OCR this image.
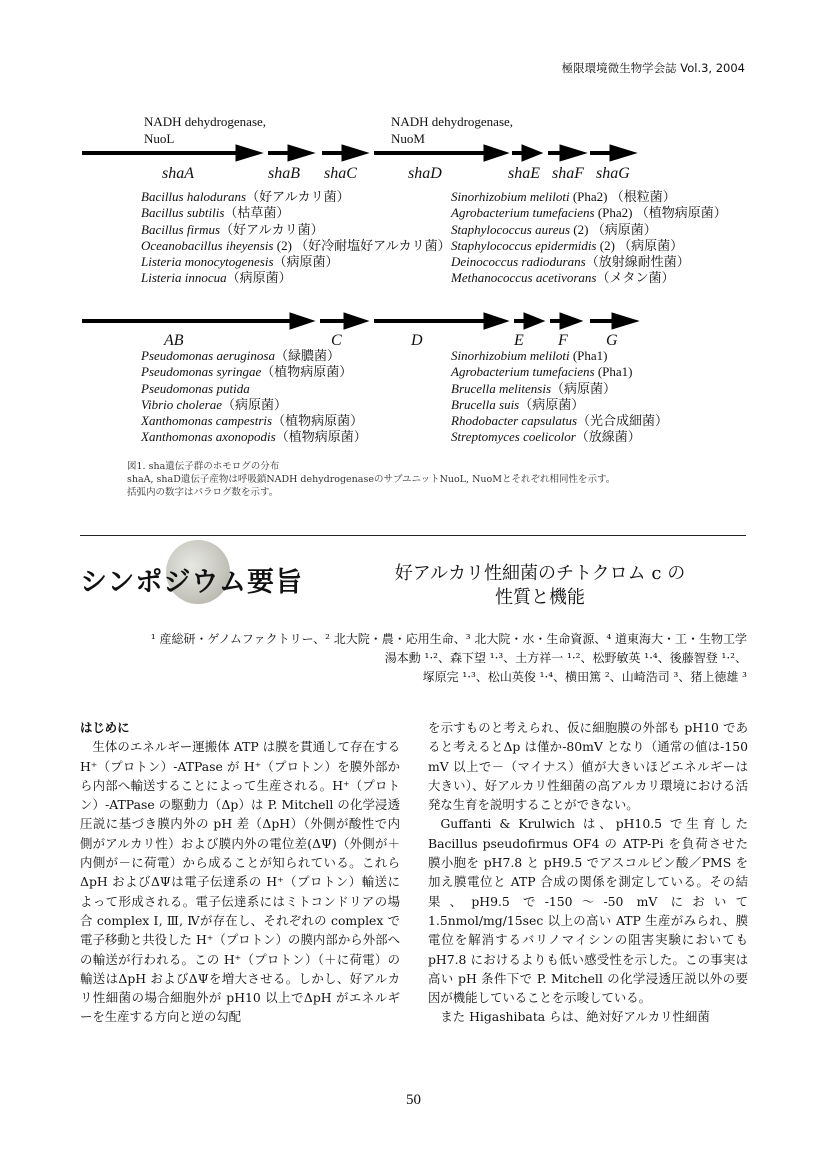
極限環境微生物学会誌 Vol.3, 2004
NADH dehydrogenase,
NuoL
NADH dehydrogenase,
NuoM
shaA	shaB shaC	shaD	shaE shaF shaG
AB	C	D	E F G
Bacillus halodurans（好アルカリ菌）
Bacillus subtilis（枯草菌）
Bacillus firmus（好アルカリ菌）
Oceanobacillus iheyensis (2) （好冷耐塩好アルカリ菌）
Listeria monocytogenesis（病原菌）
Listeria innocua（病原菌）
Sinorhizobium meliloti (Pha2) （根粒菌）
Agrobacterium tumefaciens (Pha2) （植物病原菌）
Staphylococcus aureus (2) （病原菌）
Staphylococcus epidermidis (2) （病原菌）
Deinococcus radiodurans（放射線耐性菌）
Methanococcus acetivorans（メタン菌）
Pseudomonas aeruginosa（緑膿菌）
Pseudomonas syringae（植物病原菌）
Pseudomonas putida
Vibrio cholerae（病原菌）
Xanthomonas campestris（植物病原菌）
Xanthomonas axonopodis（植物病原菌）
Sinorhizobium meliloti (Pha1)
Agrobacterium tumefaciens (Pha1)
Brucella melitensis（病原菌）
Brucella suis（病原菌）
Rhodobacter capsulatus（光合成細菌）
Streptomyces coelicolor（放線菌）
図1. sha遺伝子群のホモログの分布
shaA, shaD遺伝子産物は呼吸鎖NADH dehydrogenaseのサブユニットNuoL, NuoMとそれぞれ相同性を示す。
括弧内の数字はパラログ数を示す。
シンポジウム要旨	好アルカリ性細菌のチトクロム c の
性質と機能
¹ 産総研・ゲノムファクトリー、² 北大院・農・応用生命、³ 北大院・水・生命資源、⁴ 道東海大・工・生物工学
湯本勳 ¹·²、森下望 ¹·³、土方祥一 ¹·²、松野敏英 ¹·⁴、後藤智登 ¹·²、
塚原完 ¹·³、松山英俊 ¹·⁴、横田篤 ²、山崎浩司 ³、猪上徳雄 ³
はじめに

生体のエネルギー運搬体 ATP は膜を貫通して存在する H⁺（プロトン）-ATPase が H⁺（プロトン）を膜外部から内部へ輸送することによって生産される。H⁺（プロトン）-ATPase の駆動力（Δp）は P. Mitchell の化学浸透圧説に基づき膜内外の pH 差（ΔpH）（外側が酸性で内側がアルカリ性）および膜内外の電位差(ΔΨ)（外側が＋内側が－に荷電）から成ることが知られている。これらΔpH およびΔΨは電子伝達系の H⁺（プロトン）輸送によって形成される。電子伝達系にはミトコンドリアの場合 complex Ⅰ, Ⅲ, Ⅳが存在し、それぞれの complex で電子移動と共役した H⁺（プロトン）の膜内部から外部への輸送が行われる。この H⁺（プロトン）（＋に荷電）の輸送はΔpH およびΔΨを増大させる。しかし、好アルカリ性細菌の場合細胞外が pH10 以上でΔpH がエネルギーを生産する方向と逆の勾配

を示すものと考えられ、仮に細胞膜の外部も pH10 であると考えるとΔp は僅か-80mV となり（通常の値は-150 mV 以上で－（マイナス）値が大きいほどエネルギーは大きい）、好アルカリ性細菌の高アルカリ環境における活発な生育を説明することができない。

Guffanti & Krulwich は、pH10.5 で生育した Bacillus pseudofirmus OF4 の ATP-Pi を負荷させた膜小胞を pH7.8 と pH9.5 でアスコルビン酸／PMS を加え膜電位と ATP 合成の関係を測定している。その結果、pH9.5 で-150～-50 mV において 1.5nmol/mg/15sec 以上の高い ATP 生産がみられ、膜電位を解消するバリノマイシンの阻害実験においても pH7.8 におけるよりも低い感受性を示した。この事実は高い pH 条件下で P. Mitchell の化学浸透圧説以外の要因が機能していることを示唆している。

また Higashibata らは、絶対好アルカリ性細菌

50
